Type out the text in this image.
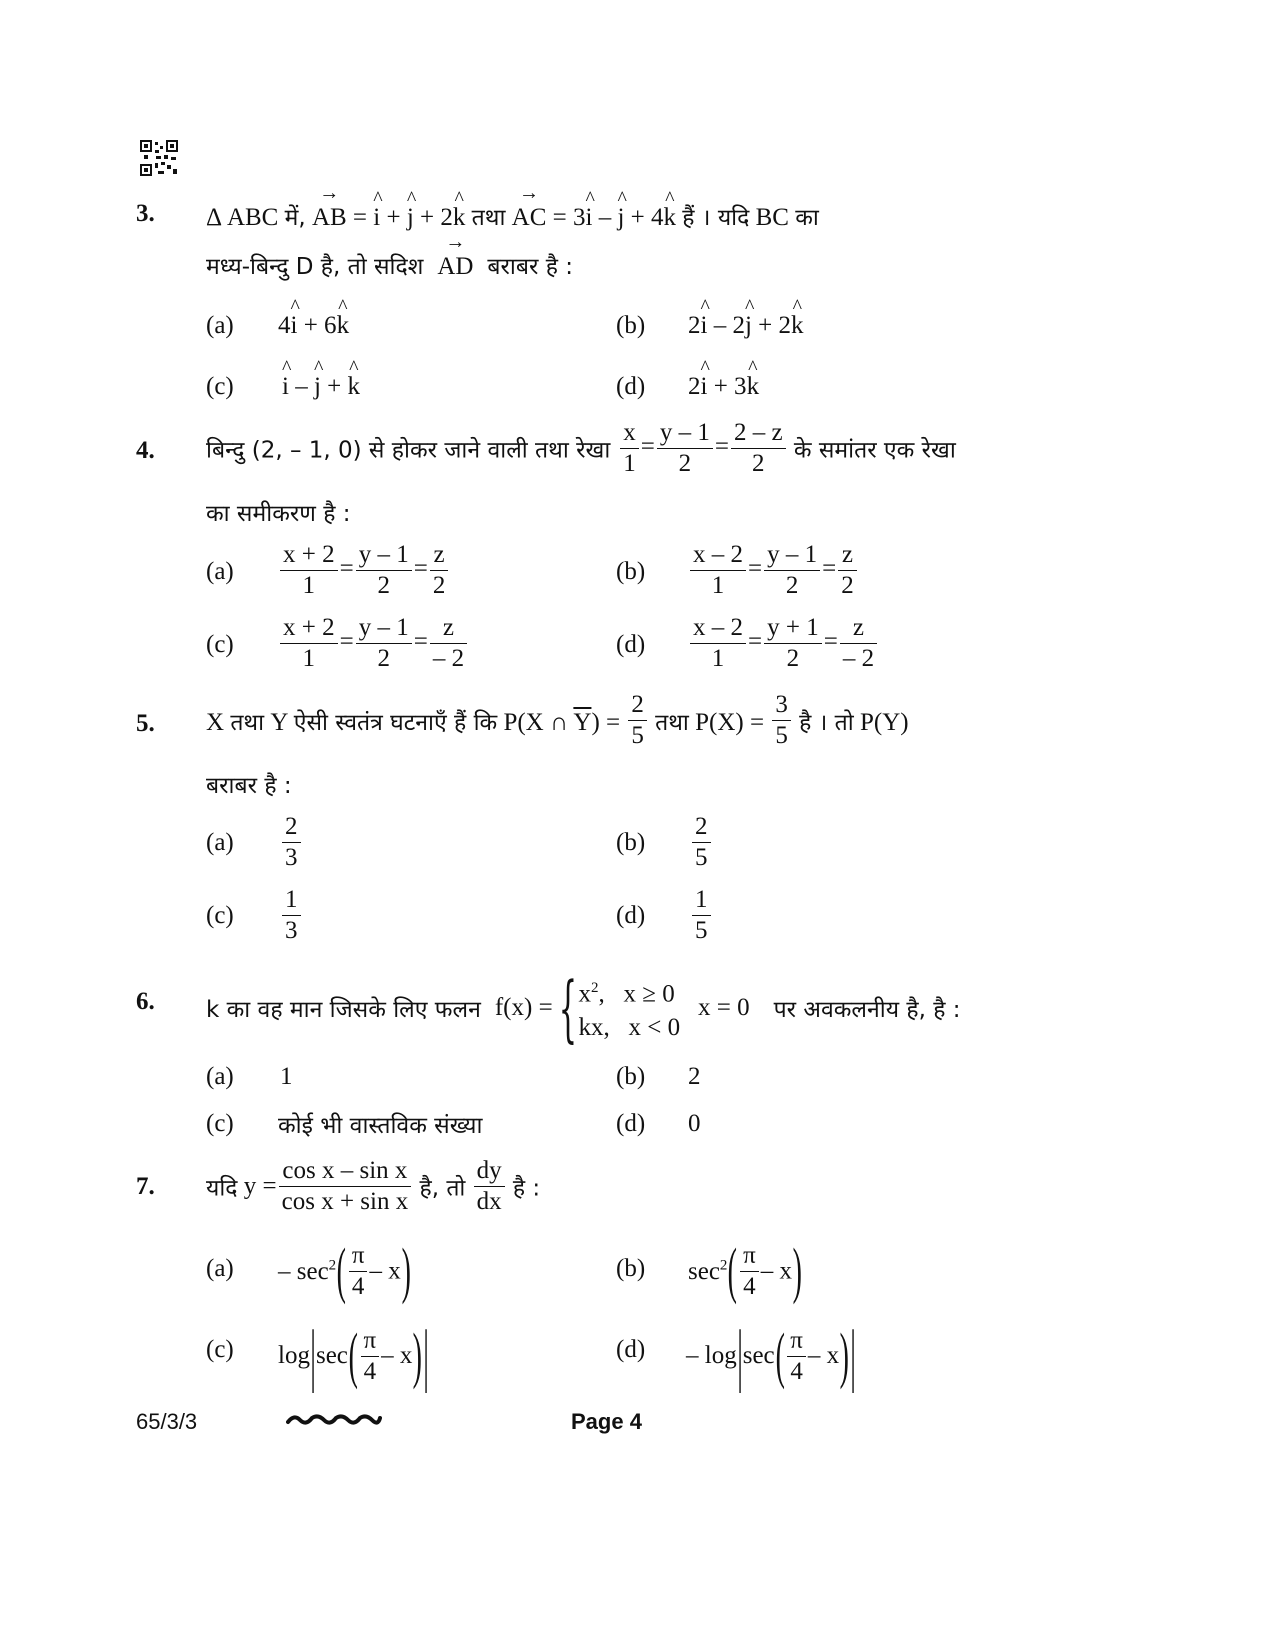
3. Δ ABC में, → AB = ^ i + ^ j + 2^ k तथा → AC = 3^ i – ^ j + 4^ k हैं । यदि BC का
मध्य-बिन्दु D है, तो सदिश → AD बराबर है :
(a) 4^ i + 6^ k	(b) 2^ i – 2^ j + 2^ k
(c) ^ i – ^ j + ^ k	(d) 2^ i + 3^ k
4. बिन्दु (2, – 1, 0) से होकर जाने वाली तथा रेखा $\frac{x}{1} = \frac{y - 1}{2} = \frac{2 - z}{2}$ के समांतर एक रेखा
का समीकरण है :
$(a) \frac{x + 2}{1} = \frac{y - 1}{2} = \frac{z}{2}$	$(b) \frac{x - 2}{1} = \frac{y - 1}{2} = \frac{z}{2}$
$(c) \frac{x + 2}{1} = \frac{y - 1}{2} = \frac{z}{- 2}$	$(d) \frac{x - 2}{1} = \frac{y + 1}{2} = \frac{z}{- 2}$
5. X तथा Y ऐसी स्वतंत्र घटनाएँ हैं कि P(X ∩ $\overline{Y}) = \frac{2}{5}$ तथा $P(X) = \frac{3}{5}$ है । तो P(Y)
बराबर है :
$(a) \frac{2}{3}$	$(b) \frac{2}{5}$
$(c) \frac{1}{3}$	$(d) \frac{1}{5}$
6. k का वह मान जिसके लिए फलन f(x) ={ $x^2$,   x ≥ 0
kx,   x < 0
x = 0 पर अवकलनीय है, है :
(a) 1	(b) 2
(c) कोई भी वास्तविक संख्या	(d) 0
7. यदि $y = \frac{\text{cos x – sin x}}{\text{cos x + sin x}}$ है, तो $\frac{dy}{dx}$ है :
$(a) - \sec^2( \frac{\pi}{4} - x)$	(b) $\sec^2( \frac{\pi}{4} - x)$
(c) $\log|\sec( \frac{\pi}{4} - x)|$	$(d) - \log|\sec( \frac{\pi}{4} - x)|$
65/3/3	Page 4
